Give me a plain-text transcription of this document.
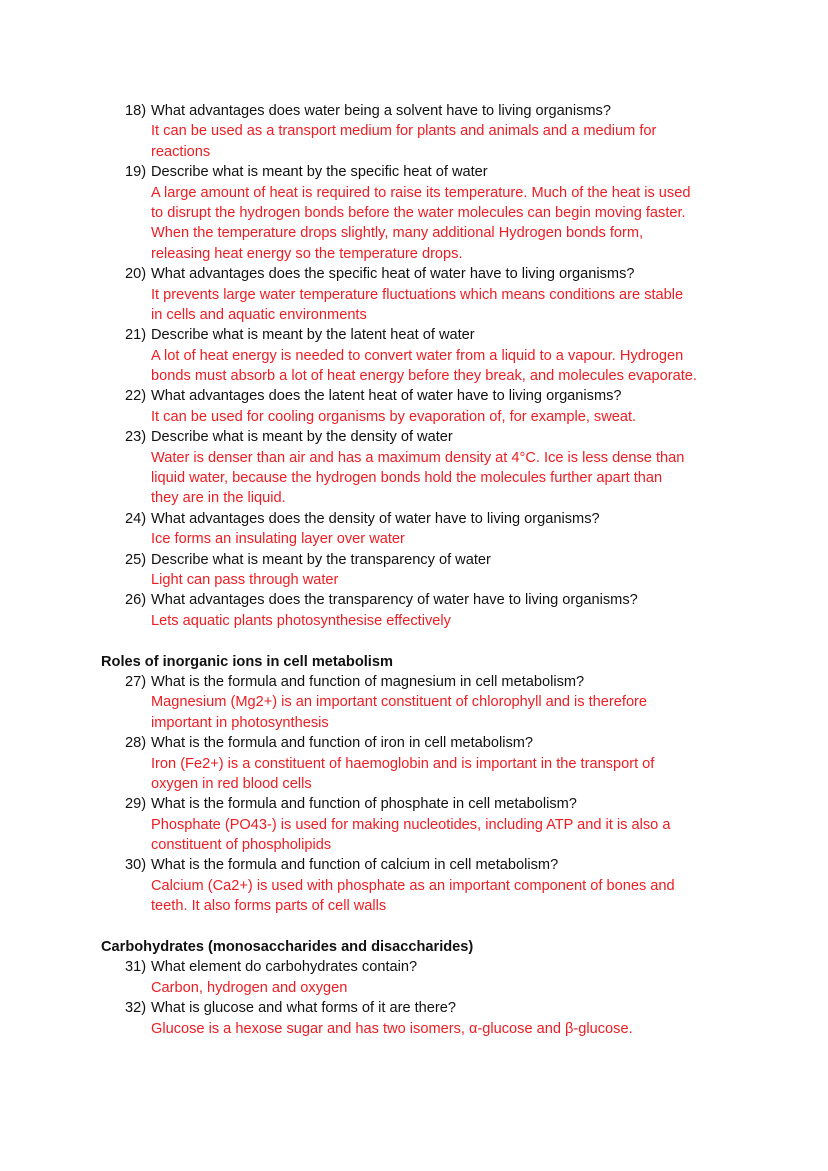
18) What advantages does water being a solvent have to living organisms?
It can be used as a transport medium for plants and animals and a medium for
reactions
19) Describe what is meant by the specific heat of water
A large amount of heat is required to raise its temperature. Much of the heat is used
to disrupt the hydrogen bonds before the water molecules can begin moving faster.
When the temperature drops slightly, many additional Hydrogen bonds form,
releasing heat energy so the temperature drops.
20) What advantages does the specific heat of water have to living organisms?
It prevents large water temperature fluctuations which means conditions are stable
in cells and aquatic environments
21) Describe what is meant by the latent heat of water
A lot of heat energy is needed to convert water from a liquid to a vapour. Hydrogen
bonds must absorb a lot of heat energy before they break, and molecules evaporate.
22) What advantages does the latent heat of water have to living organisms?
It can be used for cooling organisms by evaporation of, for example, sweat.
23) Describe what is meant by the density of water
Water is denser than air and has a maximum density at 4°C. Ice is less dense than
liquid water, because the hydrogen bonds hold the molecules further apart than
they are in the liquid.
24) What advantages does the density of water have to living organisms?
Ice forms an insulating layer over water
25) Describe what is meant by the transparency of water
Light can pass through water
26) What advantages does the transparency of water have to living organisms?
Lets aquatic plants photosynthesise effectively
Roles of inorganic ions in cell metabolism
27) What is the formula and function of magnesium in cell metabolism?
Magnesium (Mg2+) is an important constituent of chlorophyll and is therefore
important in photosynthesis
28) What is the formula and function of iron in cell metabolism?
Iron (Fe2+) is a constituent of haemoglobin and is important in the transport of
oxygen in red blood cells
29) What is the formula and function of phosphate in cell metabolism?
Phosphate (PO43-) is used for making nucleotides, including ATP and it is also a
constituent of phospholipids
30) What is the formula and function of calcium in cell metabolism?
Calcium (Ca2+) is used with phosphate as an important component of bones and
teeth. It also forms parts of cell walls
Carbohydrates (monosaccharides and disaccharides)
31) What element do carbohydrates contain?
Carbon, hydrogen and oxygen
32) What is glucose and what forms of it are there?
Glucose is a hexose sugar and has two isomers, α-glucose and β-glucose.
